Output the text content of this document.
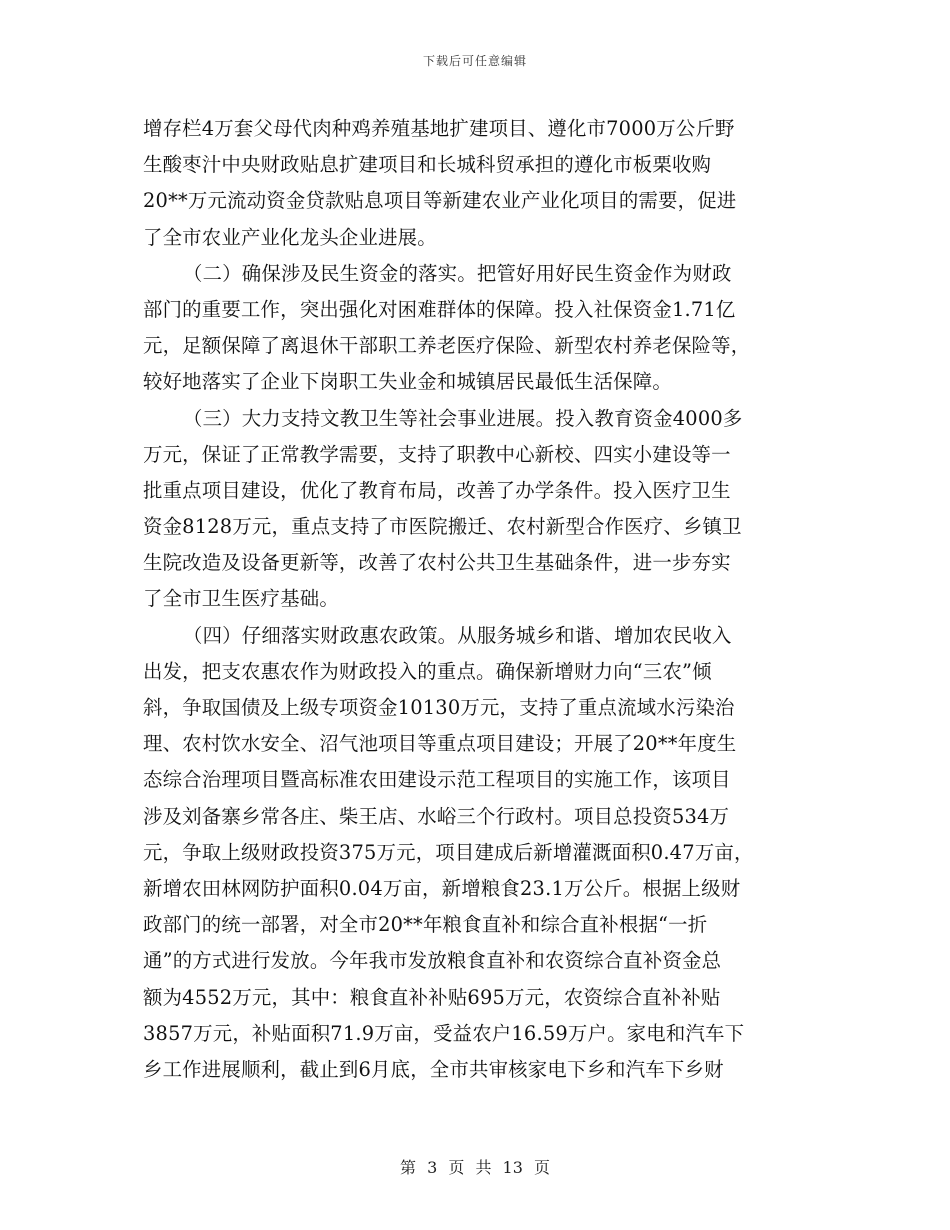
下载后可任意编辑
增存栏4万套父母代肉种鸡养殖基地扩建项目、遵化市7000万公斤野
生酸枣汁中央财政贴息扩建项目和长城科贸承担的遵化市板栗收购
20**万元流动资金贷款贴息项目等新建农业产业化项目的需要，促进
了全市农业产业化龙头企业进展。
（二）确保涉及民生资金的落实。把管好用好民生资金作为财政
部门的重要工作，突出强化对困难群体的保障。投入社保资金1.71亿
元，足额保障了离退休干部职工养老医疗保险、新型农村养老保险等，
较好地落实了企业下岗职工失业金和城镇居民最低生活保障。
（三）大力支持文教卫生等社会事业进展。投入教育资金4000多
万元，保证了正常教学需要，支持了职教中心新校、四实小建设等一
批重点项目建设，优化了教育布局，改善了办学条件。投入医疗卫生
资金8128万元，重点支持了市医院搬迁、农村新型合作医疗、乡镇卫
生院改造及设备更新等，改善了农村公共卫生基础条件，进一步夯实
了全市卫生医疗基础。
（四）仔细落实财政惠农政策。从服务城乡和谐、增加农民收入
出发，把支农惠农作为财政投入的重点。确保新增财力向“三农”倾
斜，争取国债及上级专项资金10130万元，支持了重点流域水污染治
理、农村饮水安全、沼气池项目等重点项目建设；开展了20**年度生
态综合治理项目暨高标准农田建设示范工程项目的实施工作，该项目
涉及刘备寨乡常各庄、柴王店、水峪三个行政村。项目总投资534万
元，争取上级财政投资375万元，项目建成后新增灌溉面积0.47万亩，
新增农田林网防护面积0.04万亩，新增粮食23.1万公斤。根据上级财
政部门的统一部署，对全市20**年粮食直补和综合直补根据“一折
通”的方式进行发放。今年我市发放粮食直补和农资综合直补资金总
额为4552万元，其中：粮食直补补贴695万元，农资综合直补补贴
3857万元，补贴面积71.9万亩，受益农户16.59万户。家电和汽车下
乡工作进展顺利，截止到6月底，全市共审核家电下乡和汽车下乡财
第 3 页 共 13 页
